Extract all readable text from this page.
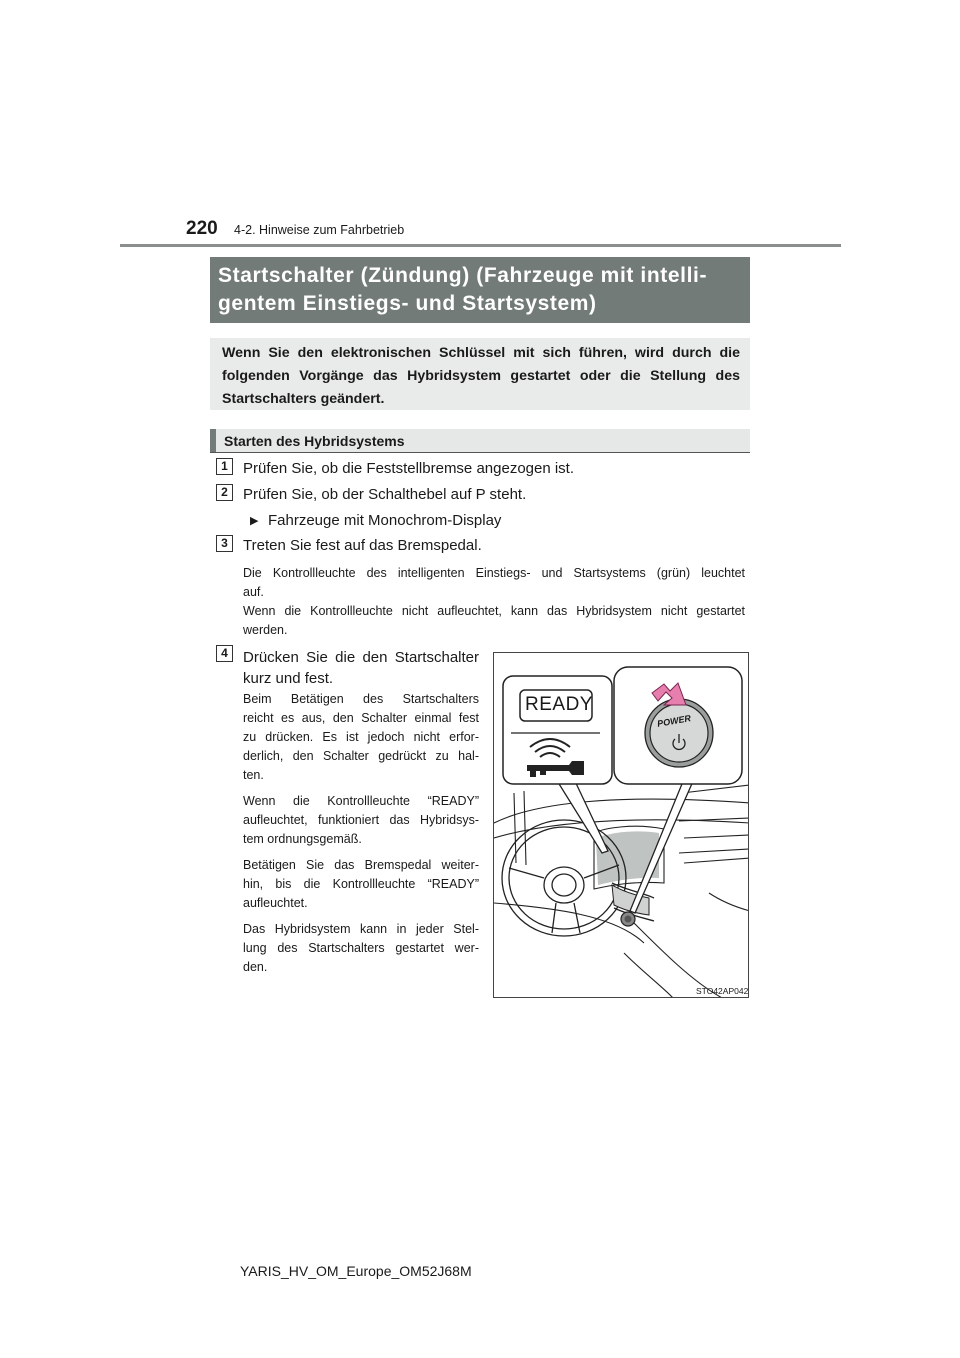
220 4-2. Hinweise zum Fahrbetrieb
Startschalter (Zündung) (Fahrzeuge mit intelli-
gentem Einstiegs- und Startsystem)
Wenn Sie den elektronischen Schlüssel mit sich führen, wird durch die folgenden Vorgänge das Hybridsystem gestartet oder die Stellung des Startschalters geändert.
Starten des Hybridsystems
1	Prüfen Sie, ob die Feststellbremse angezogen ist.
2	Prüfen Sie, ob der Schalthebel auf P steht.
▶ Fahrzeuge mit Monochrom-Display
3	Treten Sie fest auf das Bremspedal.
Die Kontrollleuchte des intelligenten Einstiegs- und Startsystems (grün) leuchtet
auf.
Wenn die Kontrollleuchte nicht aufleuchtet, kann das Hybridsystem nicht gestartet
werden.
4	Drücken Sie die den Startschalter
kurz und fest.
Beim Betätigen des Startschalters
reicht es aus, den Schalter einmal fest
zu drücken. Es ist jedoch nicht erfor-
derlich, den Schalter gedrückt zu hal-
ten.
Wenn die Kontrollleuchte “READY”
aufleuchtet, funktioniert das Hybridsys-
tem ordnungsgemäß.
Betätigen Sie das Bremspedal weiter-
hin, bis die Kontrollleuchte “READY”
aufleuchtet.
Das Hybridsystem kann in jeder Stel-
lung des Startschalters gestartet wer-
den.
READY
POWER
STO42AP042
YARIS_HV_OM_Europe_OM52J68M
